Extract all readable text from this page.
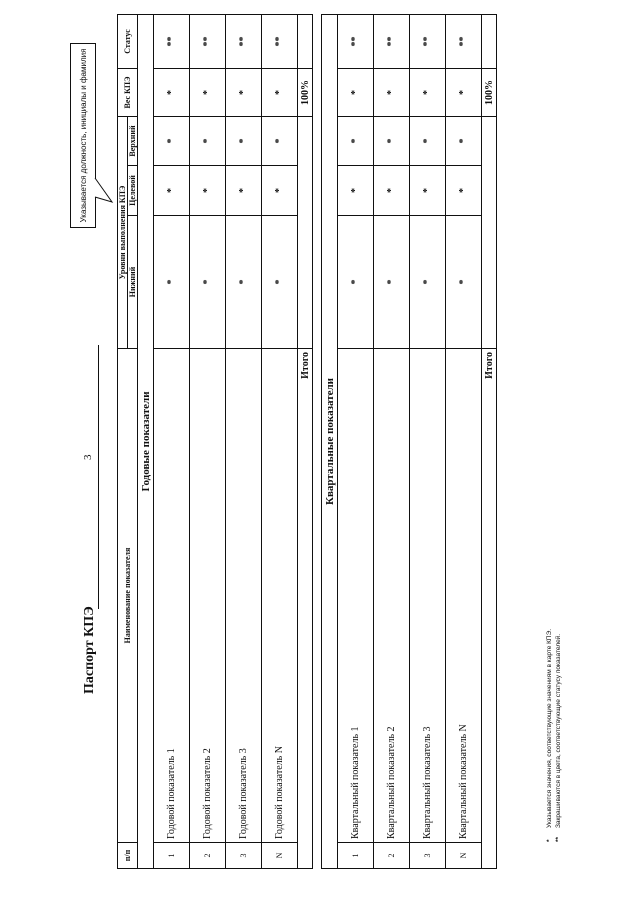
Паспорт КПЭ
3
Указывается должность, инициалы и фамилия
п/п	Наименование показателя	Уровни выполнения КПЭ			Вес КПЭ	Статус
		Нижний	Целевой	Верхний		
Годовые показатели						
1	Годовой показатель 1	*	*	*	*	**
2	Годовой показатель 2	*	*	*	*	**
3	Годовой показатель 3	*	*	*	*	**
N	Годовой показатель N	*	*	*	*	**
Итого					100%	

Квартальные показатели						
1	Квартальный показатель 1	*	*	*	*	**
2	Квартальный показатель 2	*	*	*	*	**
3	Квартальный показатель 3	*	*	*	*	**
N	Квартальный показатель N	*	*	*	*	**
Итого					100%	
*Указывается значения, соответствующие значениям в карте КПЭ.
**Закрашиваются в цвета, соответствующие статусу показателей.
